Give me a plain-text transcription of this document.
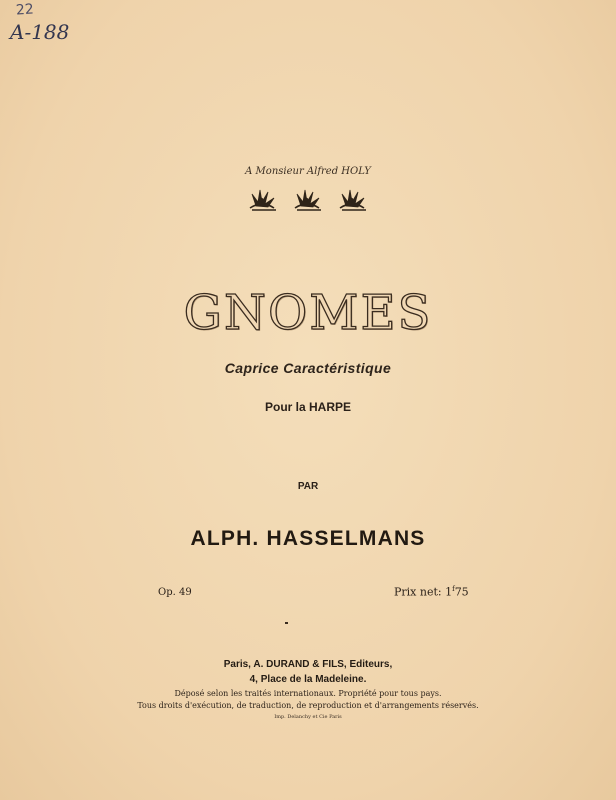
22
A-188
A Monsieur Alfred HOLY
GNOMES
Caprice Caractéristique
Pour la HARPE
PAR
ALPH. HASSELMANS
Op. 49	Prix net: 1$^f$75
Paris, A. DURAND & FILS, Editeurs,
4, Place de la Madeleine.
Déposé selon les traités internationaux. Propriété pour tous pays.
Tous droits d'exécution, de traduction, de reproduction et d'arrangements réservés.
Imp. Delanchy et Cie Paris
